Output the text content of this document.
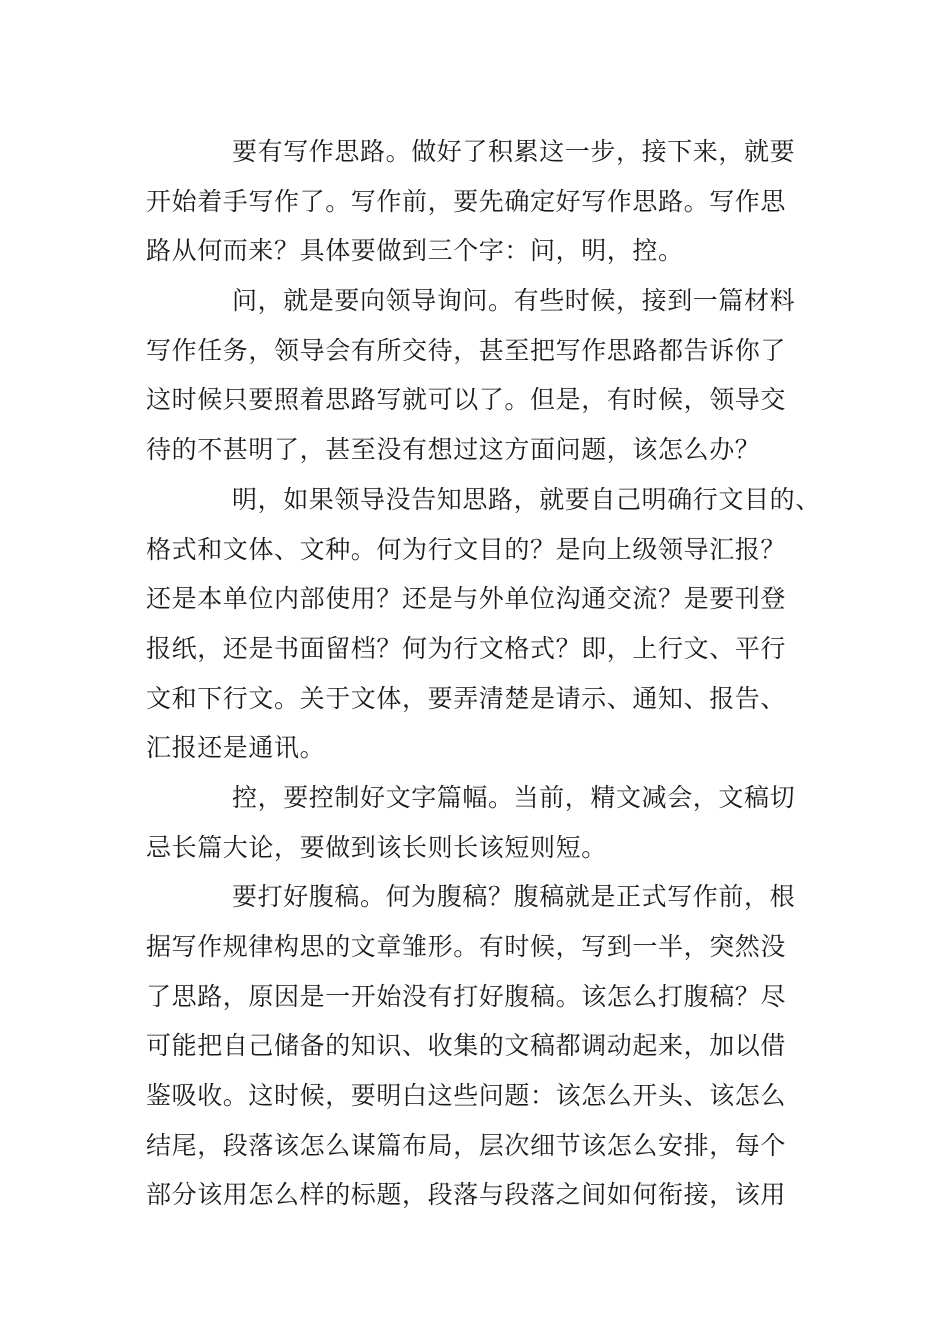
要有写作思路。做好了积累这一步，接下来，就要
开始着手写作了。写作前，要先确定好写作思路。写作思
路从何而来？具体要做到三个字：问，明，控。
问，就是要向领导询问。有些时候，接到一篇材料
写作任务，领导会有所交待，甚至把写作思路都告诉你了
这时候只要照着思路写就可以了。但是，有时候，领导交
待的不甚明了，甚至没有想过这方面问题，该怎么办？
明，如果领导没告知思路，就要自己明确行文目的、
格式和文体、文种。何为行文目的？是向上级领导汇报？
还是本单位内部使用？还是与外单位沟通交流？是要刊登
报纸，还是书面留档？何为行文格式？即，上行文、平行
文和下行文。关于文体，要弄清楚是请示、通知、报告、
汇报还是通讯。
控，要控制好文字篇幅。当前，精文减会，文稿切
忌长篇大论，要做到该长则长该短则短。
要打好腹稿。何为腹稿？腹稿就是正式写作前，根
据写作规律构思的文章雏形。有时候，写到一半，突然没
了思路，原因是一开始没有打好腹稿。该怎么打腹稿？尽
可能把自己储备的知识、收集的文稿都调动起来，加以借
鉴吸收。这时候，要明白这些问题：该怎么开头、该怎么
结尾，段落该怎么谋篇布局，层次细节该怎么安排，每个
部分该用怎么样的标题，段落与段落之间如何衔接，该用
